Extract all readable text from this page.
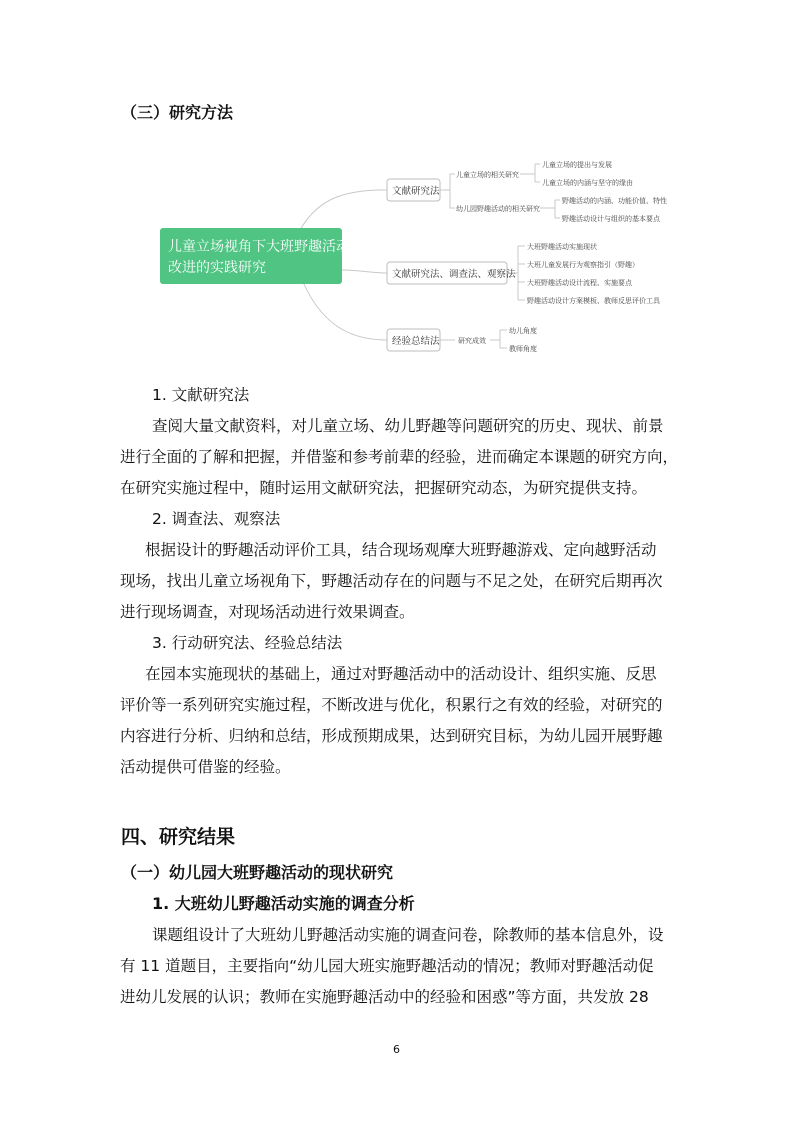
（三）研究方法
儿童立场视角下大班野趣活动
改进的实践研究
文献研究法
儿童立场的相关研究
儿童立场的提出与发展
儿童立场的内涵与坚守的缘由
幼儿园野趣活动的相关研究
野趣活动的内涵、功能价值、特性
野趣活动设计与组织的基本要点
文献研究法、调查法、观察法
大班野趣活动实施现状
大班儿童发展行为观察指引（野趣）
大班野趣活动设计流程、实施要点
野趣活动设计方案模板、教师反思评价工具
经验总结法	研究成效
幼儿角度
教师角度
1. 文献研究法
查阅大量文献资料，对儿童立场、幼儿野趣等问题研究的历史、现状、前景
进行全面的了解和把握，并借鉴和参考前辈的经验，进而确定本课题的研究方向，
在研究实施过程中，随时运用文献研究法，把握研究动态，为研究提供支持。
2. 调查法、观察法
根据设计的野趣活动评价工具，结合现场观摩大班野趣游戏、定向越野活动
现场，找出儿童立场视角下，野趣活动存在的问题与不足之处，在研究后期再次
进行现场调查，对现场活动进行效果调查。
3. 行动研究法、经验总结法
在园本实施现状的基础上，通过对野趣活动中的活动设计、组织实施、反思
评价等一系列研究实施过程，不断改进与优化，积累行之有效的经验，对研究的
内容进行分析、归纳和总结，形成预期成果，达到研究目标，为幼儿园开展野趣
活动提供可借鉴的经验。
四、研究结果
（一）幼儿园大班野趣活动的现状研究
1. 大班幼儿野趣活动实施的调查分析
课题组设计了大班幼儿野趣活动实施的调查问卷，除教师的基本信息外，设
有 11 道题目，主要指向“幼儿园大班实施野趣活动的情况；教师对野趣活动促
进幼儿发展的认识；教师在实施野趣活动中的经验和困惑”等方面，共发放 28
6
